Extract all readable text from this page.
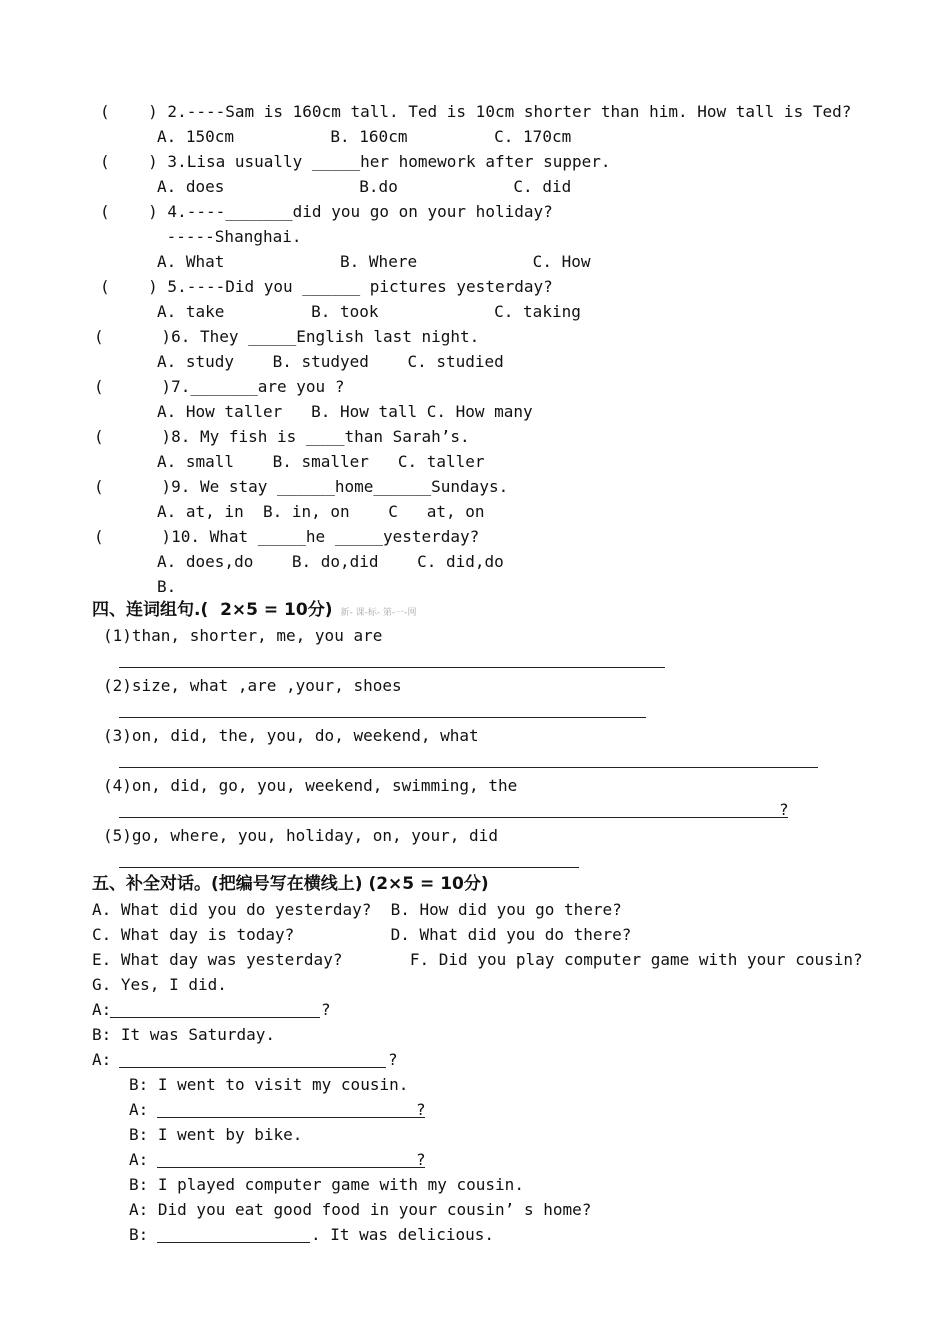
(    ) 2.----Sam is 160cm tall. Ted is 10cm shorter than him. How tall is Ted?
A. 150cm          B. 160cm         C. 170cm
(    ) 3.Lisa usually _____her homework after supper.
A. does              B.do            C. did
(    ) 4.----_______did you go on your holiday?
-----Shanghai.
A. What            B. Where            C. How
(    ) 5.----Did you ______ pictures yesterday?
A. take         B. took            C. taking
(      )6. They _____English last night.
A. study    B. studyed    C. studied
(      )7._______are you ?
A. How taller   B. How tall C. How many
(      )8. My fish is ____than Sarah’s.
A. small    B. smaller   C. taller
(      )9. We stay ______home______Sundays.
A. at, in  B. in, on    C   at, on
(      )10. What _____he _____yesterday?
A. does,do    B. do,did    C. did,do
B.
四、连词组句.(  2×5 = 10分) 新- 课-标- 第-一-网
(1)than, shorter, me, you are
(2)size, what ,are ,your, shoes
(3)on, did, the, you, do, weekend, what
(4)on, did, go, you, weekend, swimming, the
?
(5)go, where, you, holiday, on, your, did
五、补全对话。(把编号写在横线上) (2×5 = 10分)
A. What did you do yesterday?  B. How did you go there?
C. What day is today?          D. What did you do there?
E. What day was yesterday?       F. Did you play computer game with your cousin?
G. Yes, I did.
A:	?
B: It was Saturday.
A:	?
B: I went to visit my cousin.
A:	?
B: I went by bike.
A:	?
B: I played computer game with my cousin.
A: Did you eat good food in your cousin’ s home?
B:	. It was delicious.
